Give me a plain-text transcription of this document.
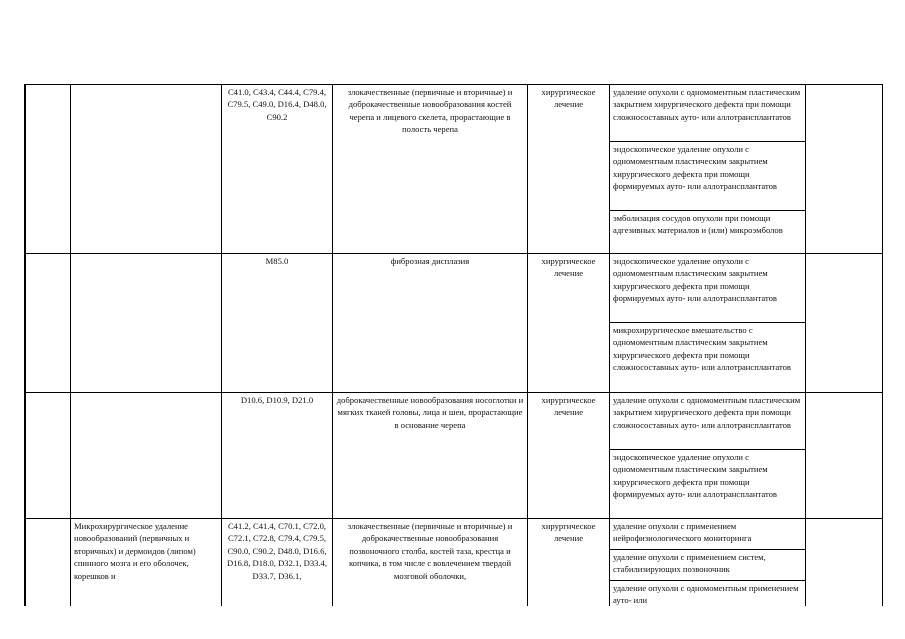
		C41.0, C43.4, C44.4, C79.4, C79.5, C49.0, D16.4, D48.0, C90.2	злокачественные (первичные и вторичные) и доброкачественные новообразования костей черепа и лицевого скелета, прорастающие в полость черепа	хирургическое лечение	удаление опухоли с одномоментным пластическим закрытием хирургического дефекта при помощи сложносоставных ауто- или аллотрансплантатов
эндоскопическое удаление опухоли с одномоментным пластическим закрытием хирургического дефекта при помощи формируемых ауто- или аллотрансплантатов
эмболизация сосудов опухоли при помощи адгезивных материалов и (или) микроэмболов	

		M85.0	фиброзная дисплазия	хирургическое лечение	эндоскопическое удаление опухоли с одномоментным пластическим закрытием хирургического дефекта при помощи формируемых ауто- или аллотрансплантатов
микрохирургическое вмешательство с одномоментным пластическим закрытием хирургического дефекта при помощи сложносоставных ауто- или аллотрансплантатов	

		D10.6, D10.9, D21.0	доброкачественные новообразования носоглотки и мягких тканей головы, лица и шеи, прорастающие в основание черепа	хирургическое лечение	удаление опухоли с одномоментным пластическим закрытием хирургического дефекта при помощи сложносоставных ауто- или аллотрансплантатов
эндоскопическое удаление опухоли с одномоментным пластическим закрытием хирургического дефекта при помощи формируемых ауто- или аллотрансплантатов	

	Микрохирургическое удаление новообразований (первичных и вторичных) и дермоидов (липом) спинного мозга и его оболочек, корешков и	C41.2, C41.4, C70.1, C72.0, C72.1, C72.8, C79.4, C79.5, C90.0, C90.2, D48.0, D16.6, D16.8, D18.0, D32.1, D33.4, D33.7, D36.1,	злокачественные (первичные и вторичные) и доброкачественные новообразования позвоночного столба, костей таза, крестца и копчика, в том числе с вовлечением твердой мозговой оболочки,	хирургическое лечение	удаление опухоли с применением нейрофизиологического мониторинга
удаление опухоли с применением систем, стабилизирующих позвоночник
удаление опухоли с одномоментным применением ауто- или	
